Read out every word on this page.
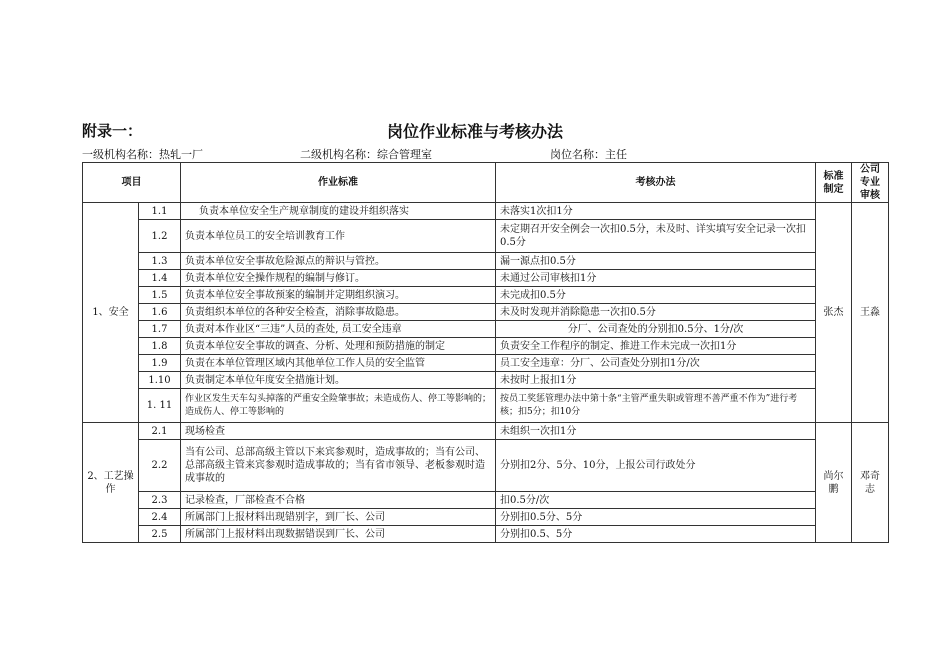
附录一：	岗位作业标准与考核办法
一级机构名称：热轧一厂	二级机构名称：综合管理室	岗位名称：主任
项目		作业标准	考核办法	标准制定	公司专业审核
1、安全	1.1	负责本单位安全生产规章制度的建设并组织落实	未落实1次扣1分	张杰	王淼
	1.2	负责本单位员工的安全培训教育工作	未定期召开安全例会一次扣0.5分，未及时、详实填写安全记录一次扣0.5分		
	1.3	负责本单位安全事故危险源点的辩识与管控。	漏一源点扣0.5分		
	1.4	负责本单位安全操作规程的编制与修订。	未通过公司审核扣1分		
	1.5	负责本单位安全事故预案的编制并定期组织演习。	未完成扣0.5分		
	1.6	负责组织本单位的各种安全检查，消除事故隐患。	未及时发现并消除隐患一次扣0.5分		
	1.7	负责对本作业区“三违”人员的查处, 员工安全违章	分厂、公司查处的分别扣0.5分、1分/次		
	1.8	负责本单位安全事故的调查、分析、处理和预防措施的制定	负责安全工作程序的制定、推进工作未完成一次扣1分		
	1.9	负责在本单位管理区域内其他单位工作人员的安全监管	员工安全违章：分厂、公司查处分别扣1分/次		
	1.10	负责制定本单位年度安全措施计划。	未按时上报扣1分		
	1. 11	作业区发生天车勾头掉落的严重安全险肇事故；未造成伤人、停工等影响的；造成伤人、停工等影响的	按员工奖惩管理办法中第十条“主管严重失职或管理不善严重不作为”进行考核；扣5分；扣10分		
2、工艺操作	2.1	现场检查	未组织一次扣1分	尚尔鹏	邓奇志
	2.2	当有公司、总部高级主管以下来宾参观时，造成事故的；当有公司、总部高级主管来宾参观时造成事故的；当有省市领导、老板参观时造成事故的	分别扣2分、5分、10分，上报公司行政处分		
	2.3	记录检查，厂部检查不合格	扣0.5分/次		
	2.4	所属部门上报材料出现错别字，到厂长、公司	分别扣0.5分、5分		
	2.5	所属部门上报材料出现数据错误到厂长、公司	分别扣0.5、5分		
